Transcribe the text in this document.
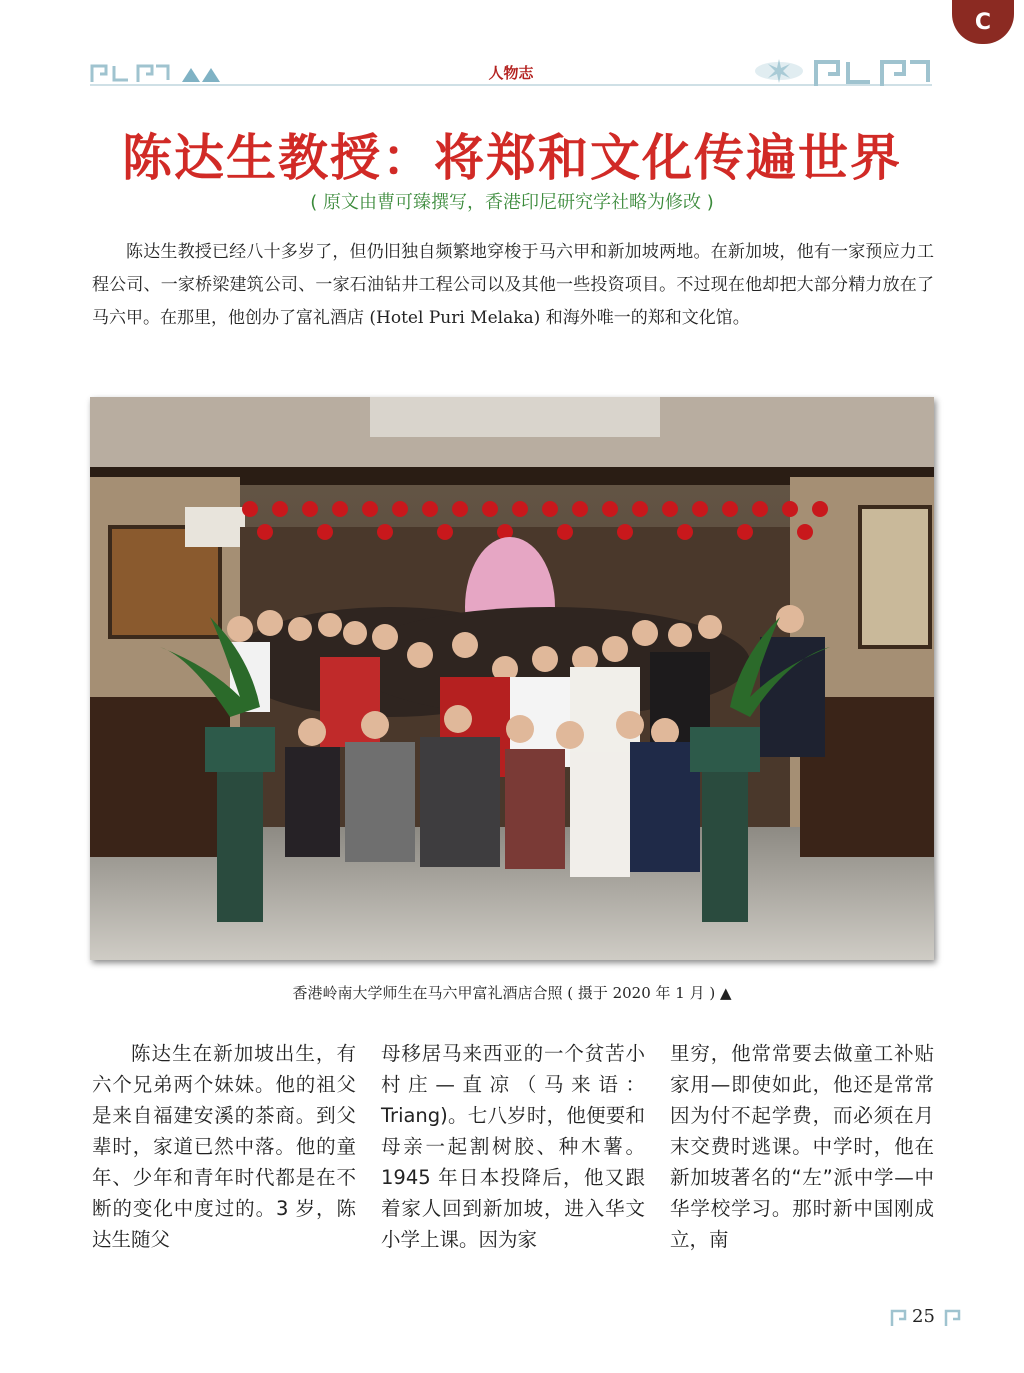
C
人物志
陈达生教授：将郑和文化传遍世界
( 原文由曹可臻撰写，香港印尼研究学社略为修改 )
陈达生教授已经八十多岁了，但仍旧独自频繁地穿梭于马六甲和新加坡两地。在新加坡，他有一家预应力工程公司、一家桥梁建筑公司、一家石油钻井工程公司以及其他一些投资项目。不过现在他却把大部分精力放在了马六甲。在那里，他创办了富礼酒店 (Hotel Puri Melaka) 和海外唯一的郑和文化馆。
香港岭南大学师生在马六甲富礼酒店合照 ( 摄于 2020 年 1 月 ) ▲
陈达生在新加坡出生，有六个兄弟两个妹妹。他的祖父是来自福建安溪的茶商。到父辈时，家道已然中落。他的童年、少年和青年时代都是在不断的变化中度过的。3 岁，陈达生随父
母移居马来西亚的一个贫苦小村庄—直凉（马来语：Triang)。七八岁时，他便要和母亲一起割树胶、种木薯。1945 年日本投降后，他又跟着家人回到新加坡，进入华文小学上课。因为家
里穷，他常常要去做童工补贴家用—即使如此，他还是常常因为付不起学费，而必须在月末交费时逃课。中学时，他在新加坡著名的“左”派中学—中华学校学习。那时新中国刚成立，南
25
